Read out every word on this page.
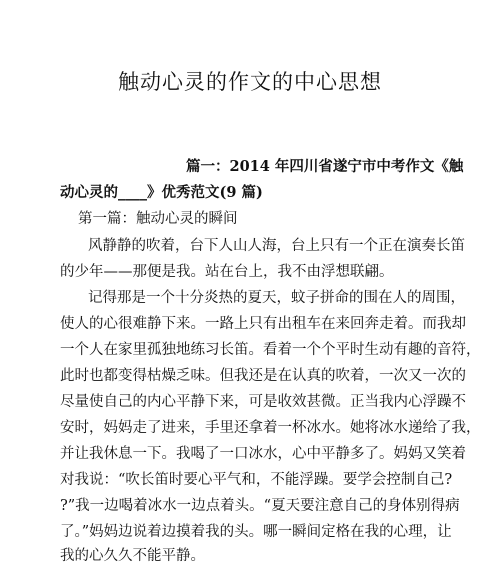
触动心灵的作文的中心思想
篇一：2014 年四川省遂宁市中考作文《触
动心灵的____》优秀范文(9 篇)
第一篇：触动心灵的瞬间
风静静的吹着，台下人山人海，台上只有一个正在演奏长笛
的少年——那便是我。站在台上，我不由浮想联翩。
记得那是一个十分炎热的夏天，蚊子拼命的围在人的周围，
使人的心很难静下来。一路上只有出租车在来回奔走着。而我却
一个人在家里孤独地练习长笛。看着一个个平时生动有趣的音符，
此时也都变得枯燥乏味。但我还是在认真的吹着，一次又一次的
尽量使自己的内心平静下来，可是收效甚微。正当我内心浮躁不
安时，妈妈走了进来，手里还拿着一杯冰水。她将冰水递给了我，
并让我休息一下。我喝了一口冰水，心中平静多了。妈妈又笑着
对我说：“吹长笛时要心平气和，不能浮躁。要学会控制自己?
?”我一边喝着冰水一边点着头。“夏天要注意自己的身体别得病
了。”妈妈边说着边摸着我的头。哪一瞬间定格在我的心理，让
我的心久久不能平静。
